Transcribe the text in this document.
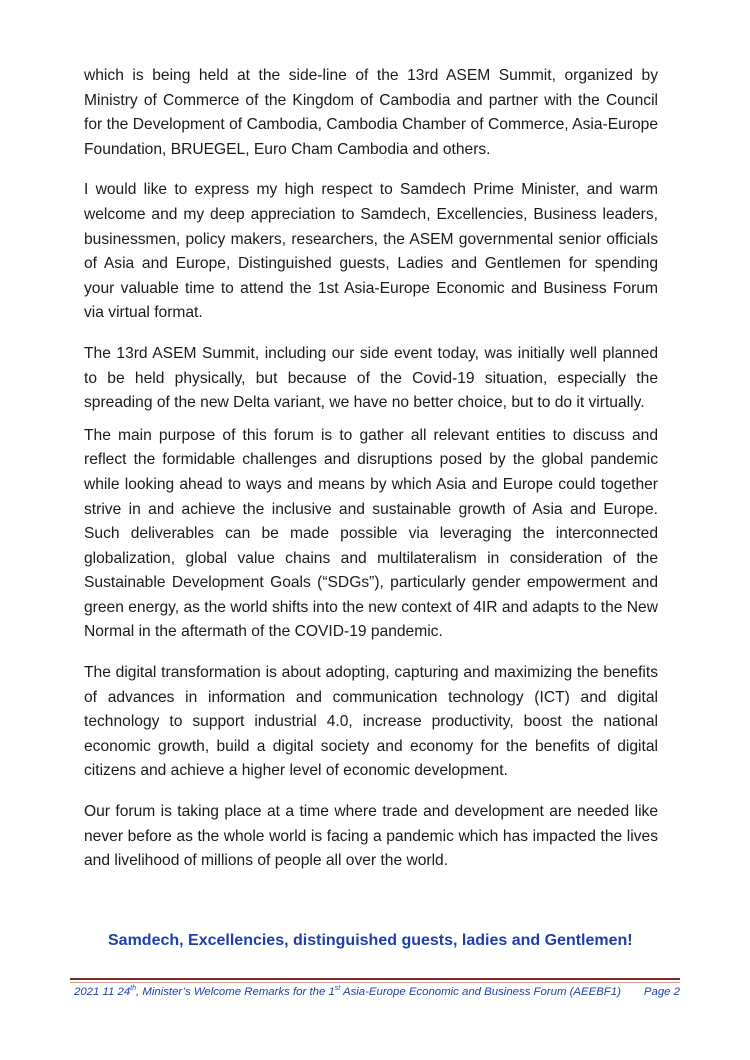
which is being held at the side-line of the 13rd ASEM Summit, organized by Ministry of Commerce of the Kingdom of Cambodia and partner with the Council for the Development of Cambodia, Cambodia Chamber of Commerce, Asia-Europe Foundation, BRUEGEL, Euro Cham Cambodia and others.

I would like to express my high respect to Samdech Prime Minister, and warm welcome and my deep appreciation to Samdech, Excellencies, Business leaders, businessmen, policy makers, researchers, the ASEM governmental senior officials of Asia and Europe, Distinguished guests, Ladies and Gentlemen for spending your valuable time to attend the 1st Asia-Europe Economic and Business Forum via virtual format.

The 13rd ASEM Summit, including our side event today, was initially well planned to be held physically, but because of the Covid-19 situation, especially the spreading of the new Delta variant, we have no better choice, but to do it virtually.

The main purpose of this forum is to gather all relevant entities to discuss and reflect the formidable challenges and disruptions posed by the global pandemic while looking ahead to ways and means by which Asia and Europe could together strive in and achieve the inclusive and sustainable growth of Asia and Europe. Such deliverables can be made possible via leveraging the interconnected globalization, global value chains and multilateralism in consideration of the Sustainable Development Goals (“SDGs”), particularly gender empowerment and green energy, as the world shifts into the new context of 4IR and adapts to the New Normal in the aftermath of the COVID-19 pandemic.

The digital transformation is about adopting, capturing and maximizing the benefits of advances in information and communication technology (ICT) and digital technology to support industrial 4.0, increase productivity, boost the national economic growth, build a digital society and economy for the benefits of digital citizens and achieve a higher level of economic development.

Our forum is taking place at a time where trade and development are needed like never before as the whole world is facing a pandemic which has impacted the lives and livelihood of millions of people all over the world.

Samdech, Excellencies, distinguished guests, ladies and Gentlemen!
2021 11 24th, Minister’s Welcome Remarks for the 1st Asia-Europe Economic and Business Forum (AEEBF1) Page 2
